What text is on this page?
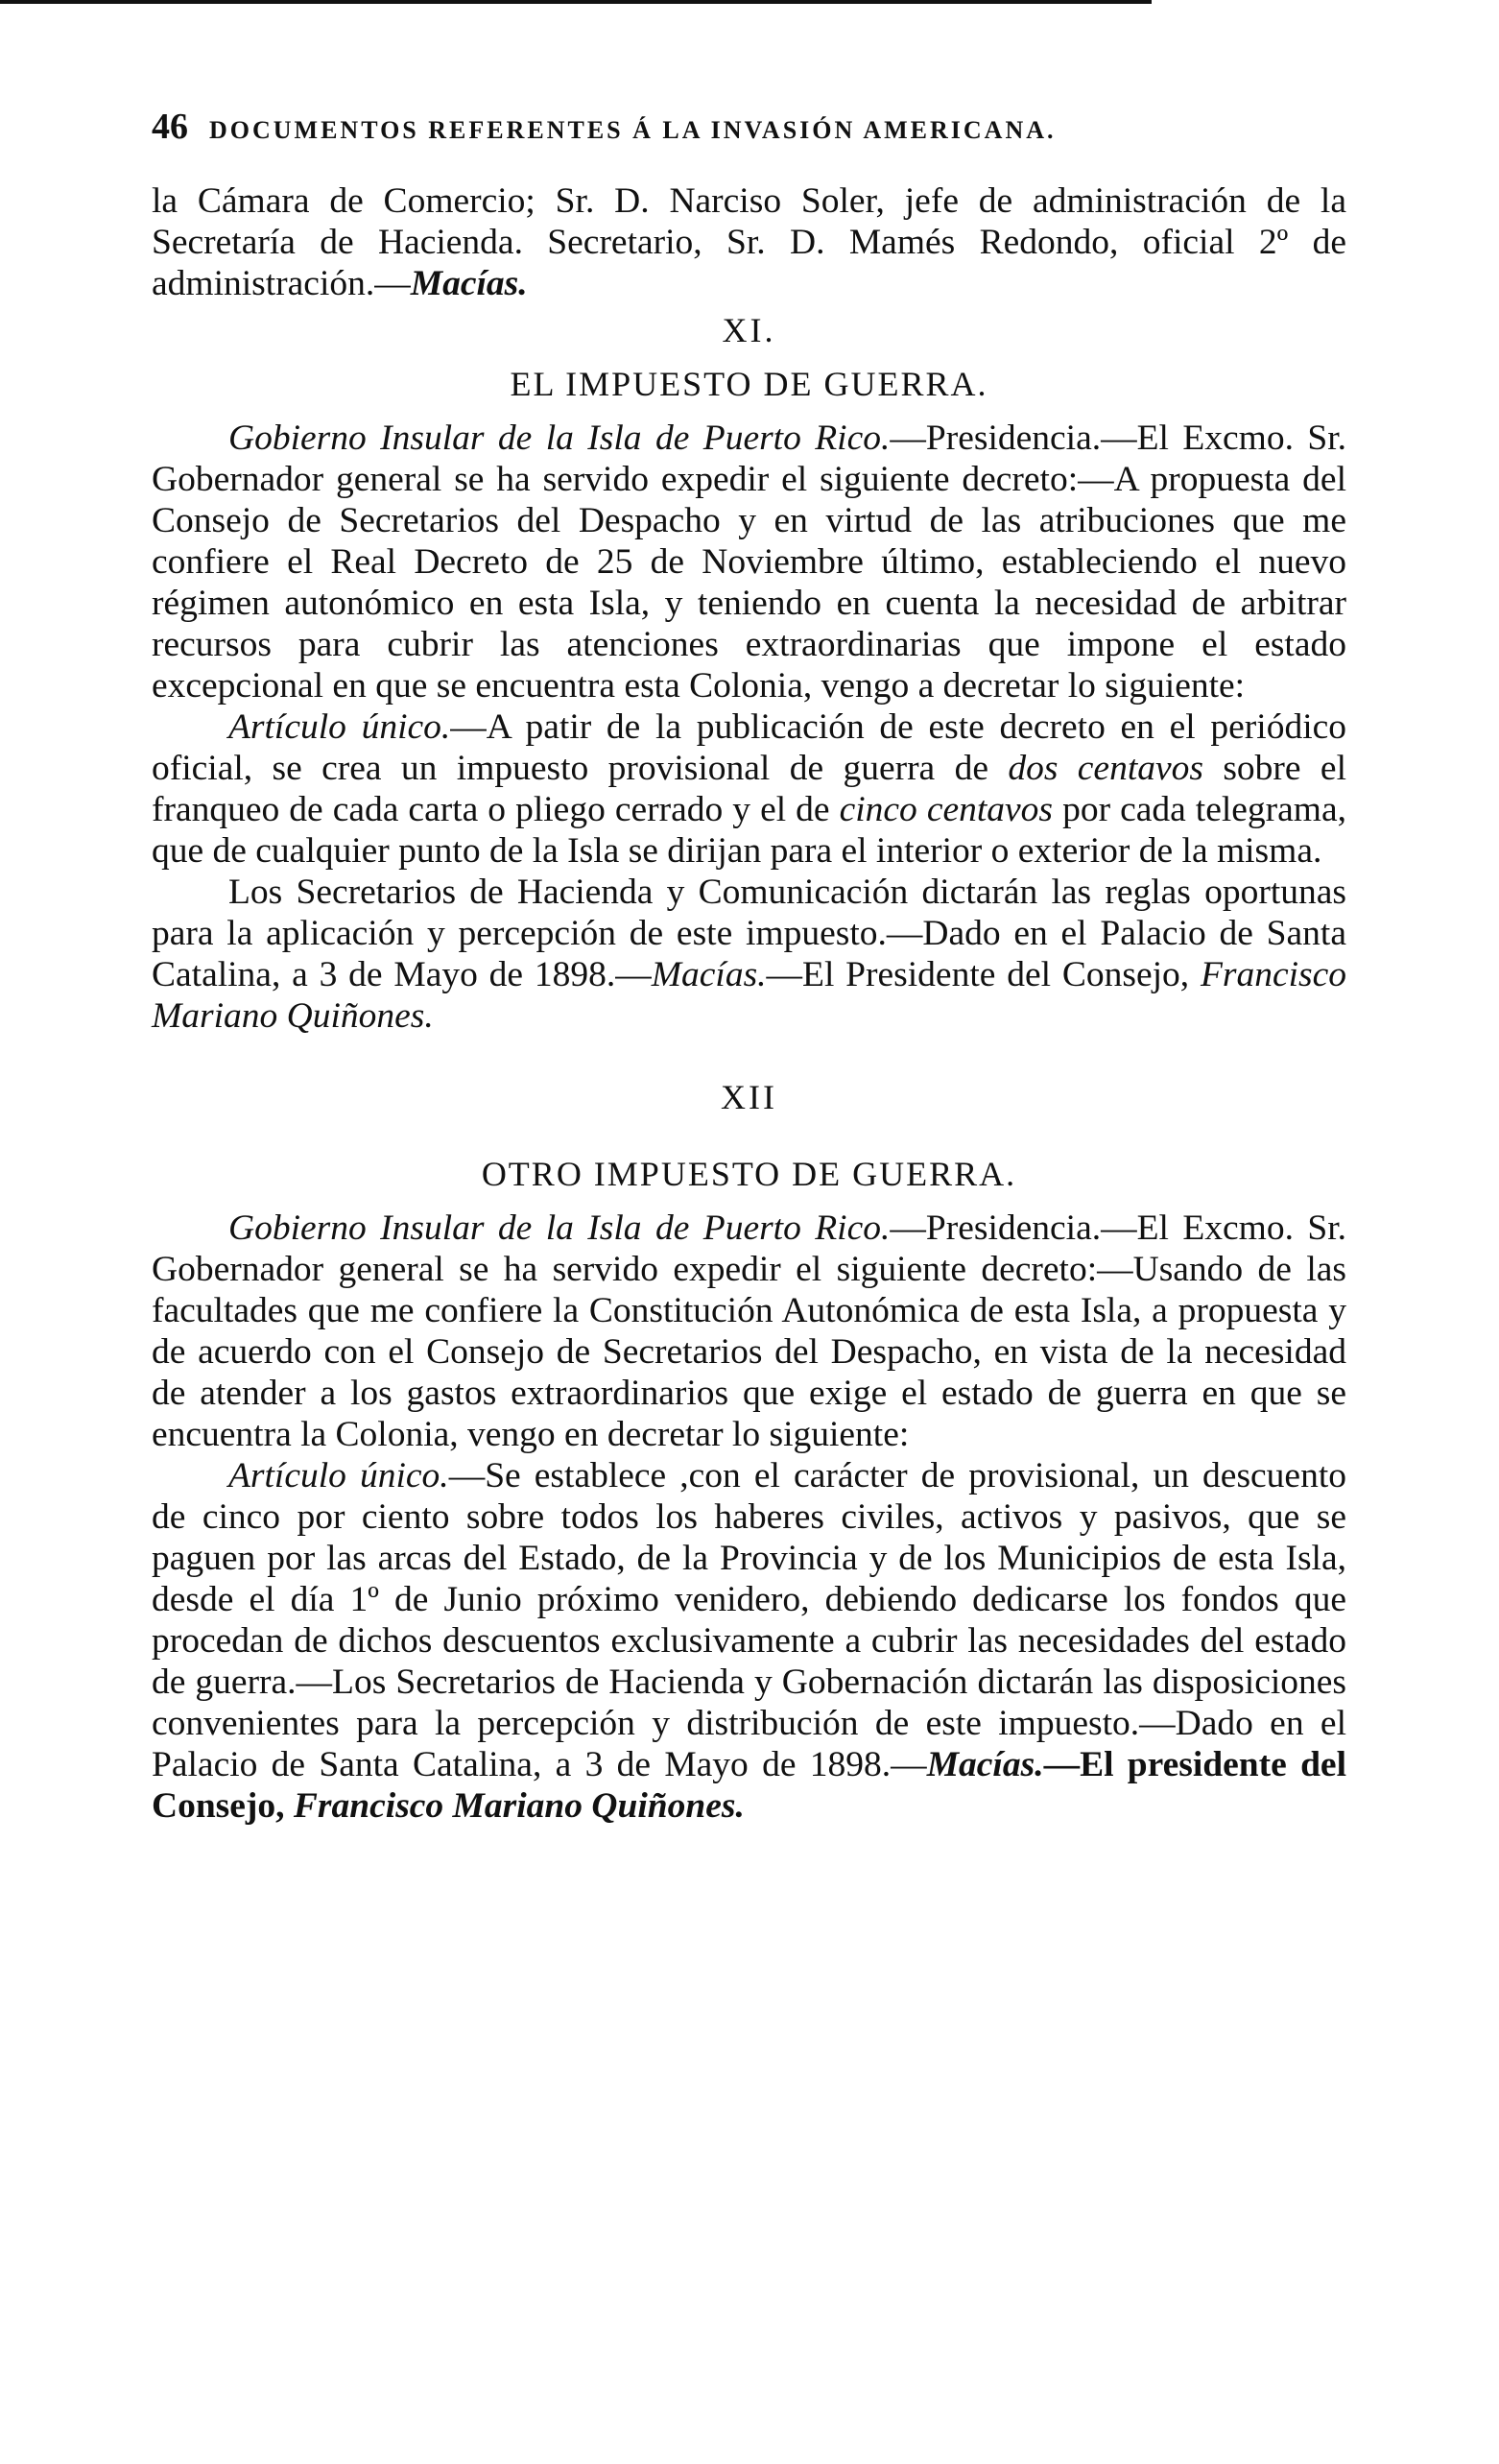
46 DOCUMENTOS REFERENTES Á LA INVASIÓN AMERICANA.

la Cámara de Comercio; Sr. D. Narciso Soler, jefe de administración de la Secretaría de Hacienda. Secretario, Sr. D. Mamés Redondo, oficial 2º de administración.—Macías.

XI.
EL IMPUESTO DE GUERRA.

Gobierno Insular de la Isla de Puerto Rico.—Presidencia.—El Excmo. Sr. Gobernador general se ha servido expedir el siguiente decreto:—A propuesta del Consejo de Secretarios del Despacho y en virtud de las atribuciones que me confiere el Real Decreto de 25 de Noviembre último, estableciendo el nuevo régimen autonómico en esta Isla, y teniendo en cuenta la necesidad de arbitrar recursos para cubrir las atenciones extraordinarias que impone el estado excepcional en que se encuentra esta Colonia, vengo a decretar lo siguiente:

Artículo único.—A patir de la publicación de este decreto en el periódico oficial, se crea un impuesto provisional de guerra de dos centavos sobre el franqueo de cada carta o pliego cerrado y el de cinco centavos por cada telegrama, que de cualquier punto de la Isla se dirijan para el interior o exterior de la misma.

Los Secretarios de Hacienda y Comunicación dictarán las reglas oportunas para la aplicación y percepción de este impuesto.—Dado en el Palacio de Santa Catalina, a 3 de Mayo de 1898.—Macías.—El Presidente del Consejo, Francisco Mariano Quiñones.

XII
OTRO IMPUESTO DE GUERRA.

Gobierno Insular de la Isla de Puerto Rico.—Presidencia.—El Excmo. Sr. Gobernador general se ha servido expedir el siguiente decreto:—Usando de las facultades que me confiere la Constitución Autonómica de esta Isla, a propuesta y de acuerdo con el Consejo de Secretarios del Despacho, en vista de la necesidad de atender a los gastos extraordinarios que exige el estado de guerra en que se encuentra la Colonia, vengo en decretar lo siguiente:

Artículo único.—Se establece ,con el carácter de provisional, un descuento de cinco por ciento sobre todos los haberes civiles, activos y pasivos, que se paguen por las arcas del Estado, de la Provincia y de los Municipios de esta Isla, desde el día 1º de Junio próximo venidero, debiendo dedicarse los fondos que procedan de dichos descuentos exclusivamente a cubrir las necesidades del estado de guerra.—Los Secretarios de Hacienda y Gobernación dictarán las disposiciones convenientes para la percepción y distribución de este impuesto.—Dado en el Palacio de Santa Catalina, a 3 de Mayo de 1898.—Macías.—El presidente del Consejo, Francisco Mariano Quiñones.
